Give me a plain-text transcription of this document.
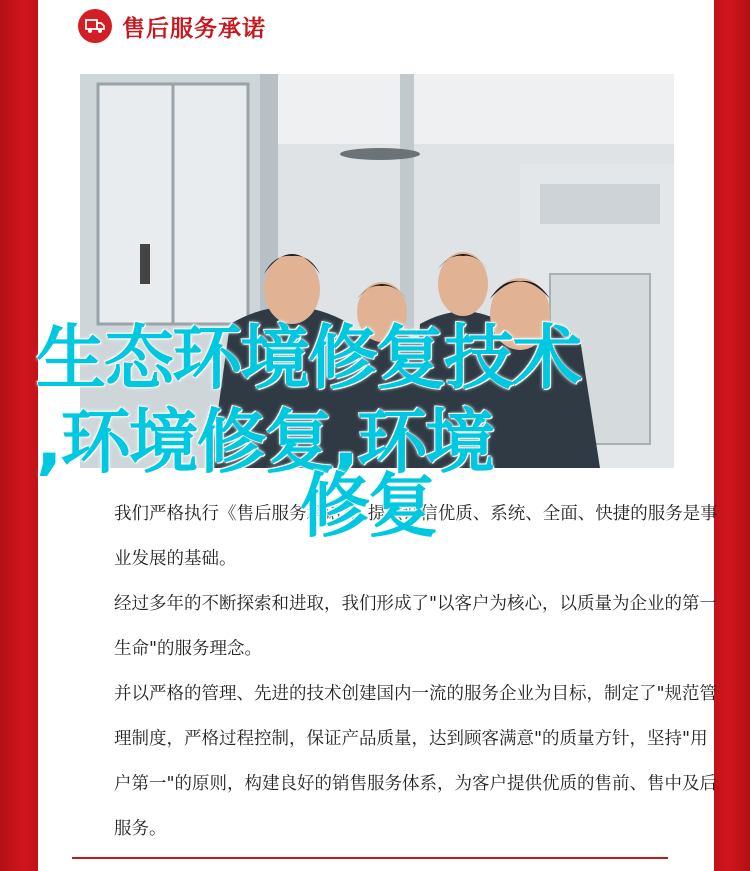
售后服务承诺

我们严格执行《售后服务承诺》，提供诚信优质、系统、全面、快捷的服务是事业发展的基础。

经过多年的不断探索和进取，我们形成了"以客户为核心，以质量为企业的第一生命"的服务理念。

并以严格的管理、先进的技术创建国内一流的服务企业为目标，制定了"规范管理制度，严格过程控制，保证产品质量，达到顾客满意"的质量方针，坚持"用户第一"的原则，构建良好的销售服务体系，为客户提供优质的售前、售中及后服务。

生态环境修复技术
,环境修复,环境
修复
